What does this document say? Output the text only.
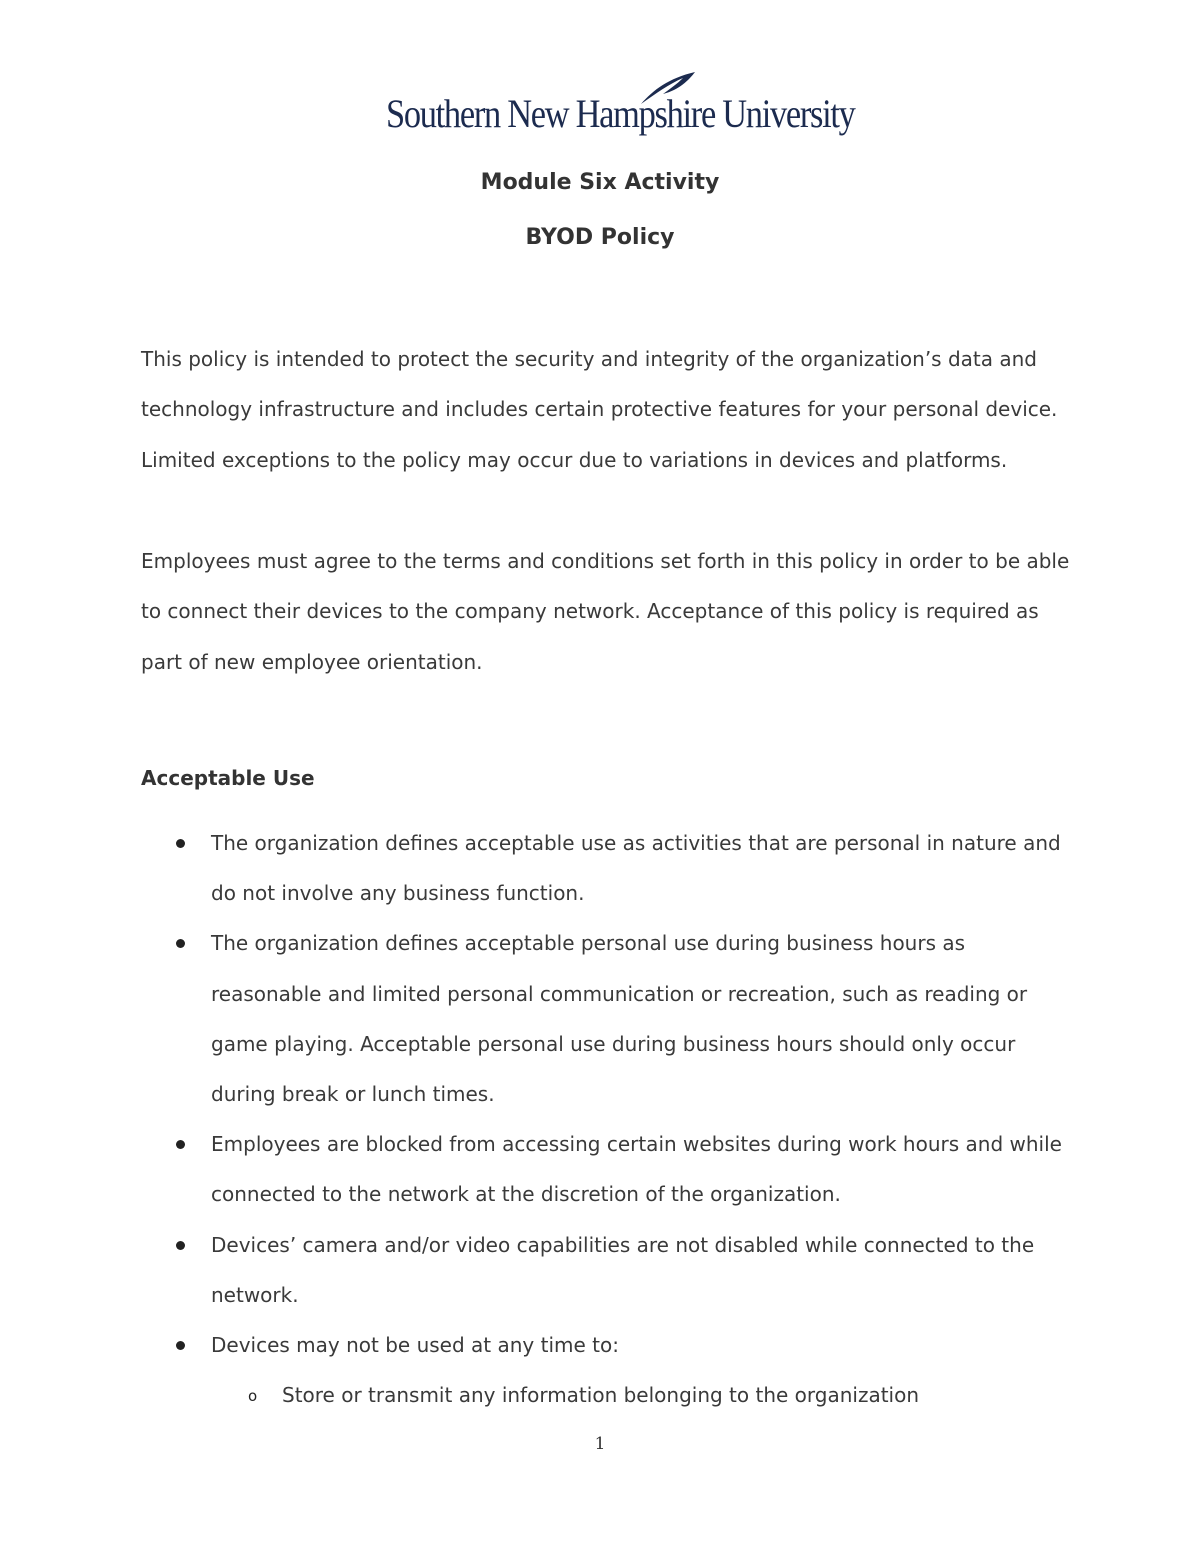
Southern New Hampshire University
Module Six Activity
BYOD Policy

This policy is intended to protect the security and integrity of the organization’s data and technology infrastructure and includes certain protective features for your personal device. Limited exceptions to the policy may occur due to variations in devices and platforms.

Employees must agree to the terms and conditions set forth in this policy in order to be able to connect their devices to the company network. Acceptance of this policy is required as part of new employee orientation.

Acceptable Use
The organization defines acceptable use as activities that are personal in nature and do not involve any business function.
The organization defines acceptable personal use during business hours as reasonable and limited personal communication or recreation, such as reading or game playing. Acceptable personal use during business hours should only occur during break or lunch times.
Employees are blocked from accessing certain websites during work hours and while connected to the network at the discretion of the organization.
Devices’ camera and/or video capabilities are not disabled while connected to the network.
Devices may not be used at any time to:
o Store or transmit any information belonging to the organization
1
